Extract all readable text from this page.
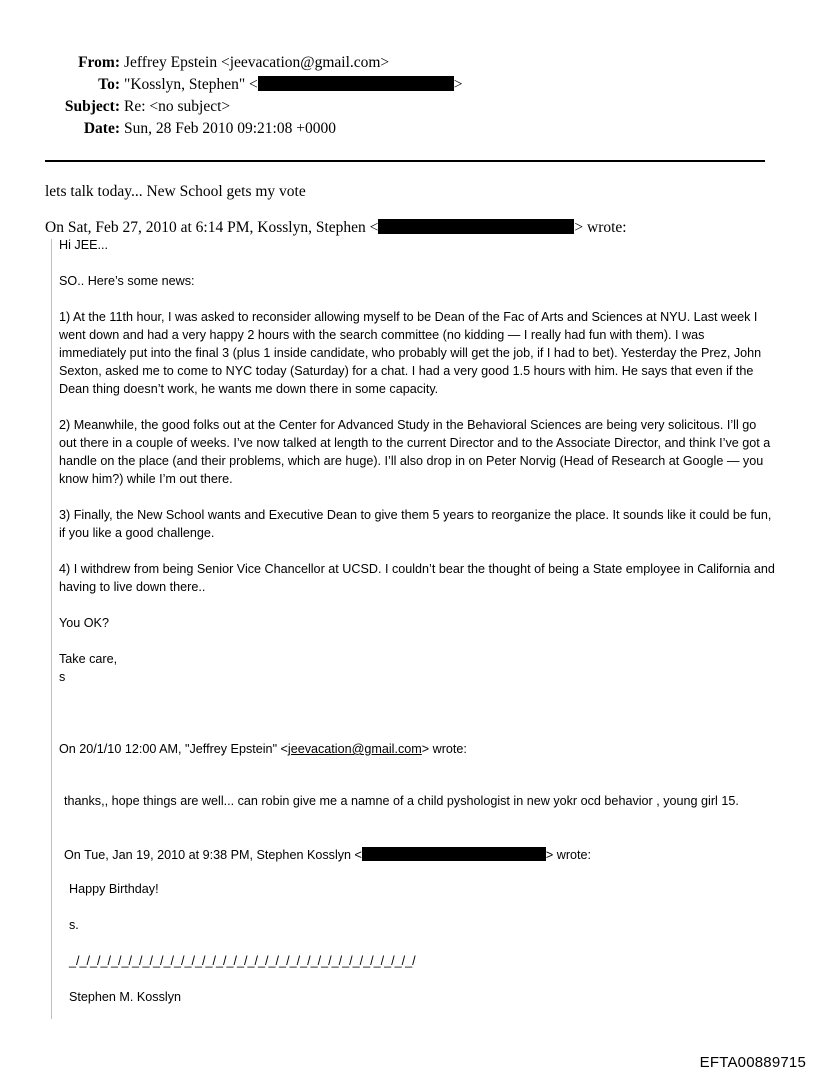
From: Jeffrey Epstein <jeevacation@gmail.com>
To: "Kosslyn, Stephen" <	>
Subject: Re: <no subject>
Date: Sun, 28 Feb 2010 09:21:08 +0000
lets talk today... New School gets my vote
On Sat, Feb 27, 2010 at 6:14 PM, Kosslyn, Stephen <	> wrote:

Hi JEE...

SO.. Here’s some news:

1) At the 11th hour, I was asked to reconsider allowing myself to be Dean of the Fac of Arts and Sciences at NYU. Last week I went down and had a very happy 2 hours with the search committee (no kidding — I really had fun with them). I was immediately put into the final 3 (plus 1 inside candidate, who probably will get the job, if I had to bet). Yesterday the Prez, John Sexton, asked me to come to NYC today (Saturday) for a chat. I had a very good 1.5 hours with him. He says that even if the Dean thing doesn’t work, he wants me down there in some capacity.

2) Meanwhile, the good folks out at the Center for Advanced Study in the Behavioral Sciences are being very solicitous. I’ll go out there in a couple of weeks. I’ve now talked at length to the current Director and to the Associate Director, and think I’ve got a handle on the place (and their problems, which are huge). I’ll also drop in on Peter Norvig (Head of Research at Google — you know him?) while I’m out there.

3) Finally, the New School wants and Executive Dean to give them 5 years to reorganize the place. It sounds like it could be fun, if you like a good challenge.

4) I withdrew from being Senior Vice Chancellor at UCSD. I couldn’t bear the thought of being a State employee in California and having to live down there..

You OK?

Take care,

s

On 20/1/10 12:00 AM, "Jeffrey Epstein" <jeevacation@gmail.com> wrote:

thanks,, hope things are well... can robin give me a namne of a child pyshologist in new yokr ocd behavior , young girl 15.

On Tue, Jan 19, 2010 at 9:38 PM, Stephen Kosslyn <	> wrote:

Happy Birthday!

s.

_/_/_/_/_/_/_/_/_/_/_/_/_/_/_/_/_/_/_/_/_/_/_/_/_/_/_/_/_/_/_/_/_/

Stephen M. Kosslyn

EFTA00889715
